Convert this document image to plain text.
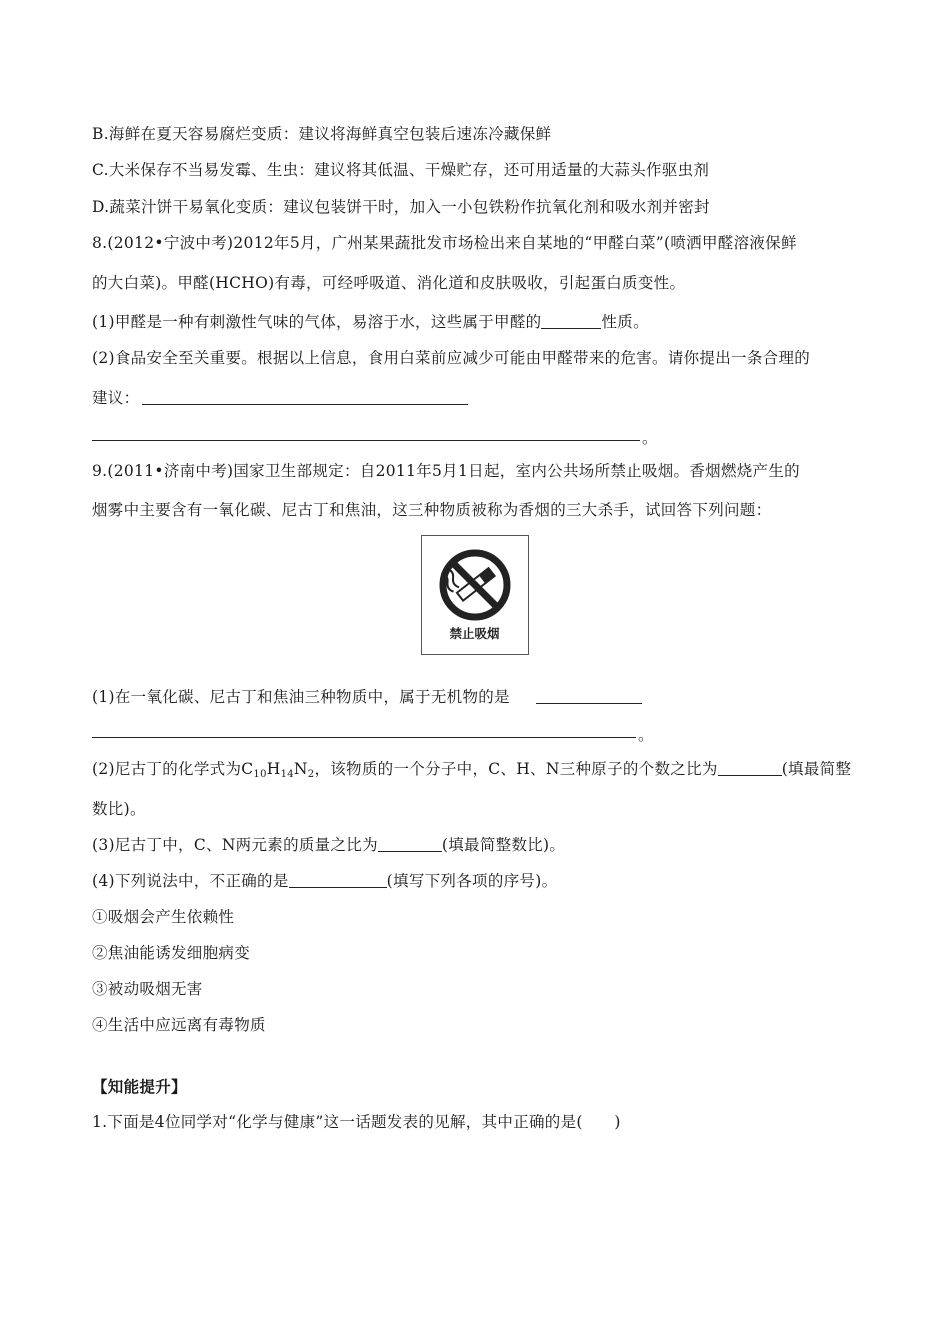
B.海鲜在夏天容易腐烂变质：建议将海鲜真空包装后速冻冷藏保鲜
C.大米保存不当易发霉、生虫：建议将其低温、干燥贮存，还可用适量的大蒜头作驱虫剂
D.蔬菜汁饼干易氧化变质：建议包装饼干时，加入一小包铁粉作抗氧化剂和吸水剂并密封
8.(2012•宁波中考)2012年5月，广州某果蔬批发市场检出来自某地的“甲醛白菜”(喷洒甲醛溶液保鲜
的大白菜)。甲醛(HCHO)有毒，可经呼吸道、消化道和皮肤吸收，引起蛋白质变性。
(1)甲醛是一种有刺激性气味的气体，易溶于水，这些属于甲醛的	性质。
(2)食品安全至关重要。根据以上信息，食用白菜前应减少可能由甲醛带来的危害。请你提出一条合理的
建议：
。
9.(2011•济南中考)国家卫生部规定：自2011年5月1日起，室内公共场所禁止吸烟。香烟燃烧产生的
烟雾中主要含有一氧化碳、尼古丁和焦油，这三种物质被称为香烟的三大杀手，试回答下列问题：
禁止吸烟
(1)在一氧化碳、尼古丁和焦油三种物质中，属于无机物的是
。
(2)尼古丁的化学式为$C_{10}H_{14}N_2$，该物质的一个分子中，C、H、N三种原子的个数之比为	(填最简整
数比)。
(3)尼古丁中，C、N两元素的质量之比为	(填最简整数比)。
(4)下列说法中，不正确的是	(填写下列各项的序号)。
①吸烟会产生依赖性
②焦油能诱发细胞病变
③被动吸烟无害
④生活中应远离有毒物质
【知能提升】
1.下面是4位同学对“化学与健康”这一话题发表的见解，其中正确的是(　　)
